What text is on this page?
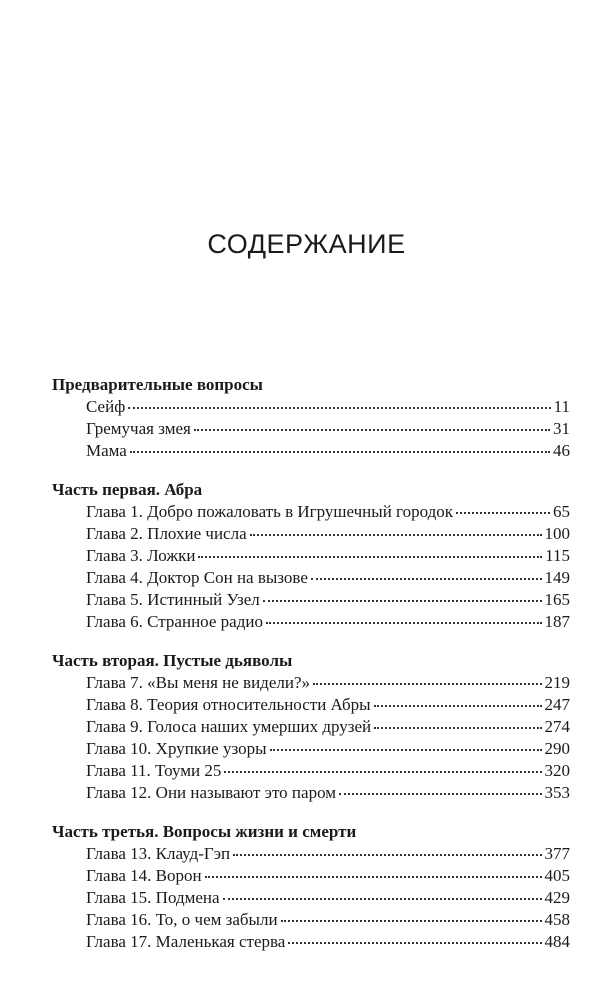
СОДЕРЖАНИЕ
Предварительные вопросы
Сейф	11
Гремучая змея	31
Мама	46
Часть первая. Абра
Глава 1. Добро пожаловать в Игрушечный городок	65
Глава 2. Плохие числа	100
Глава 3. Ложки	115
Глава 4. Доктор Сон на вызове	149
Глава 5. Истинный Узел	165
Глава 6. Странное радио	187
Часть вторая. Пустые дьяволы
Глава 7. «Вы меня не видели?»	219
Глава 8. Теория относительности Абры	247
Глава 9. Голоса наших умерших друзей	274
Глава 10. Хрупкие узоры	290
Глава 11. Тоуми 25	320
Глава 12. Они называют это паром	353
Часть третья. Вопросы жизни и смерти
Глава 13. Клауд-Гэп	377
Глава 14. Ворон	405
Глава 15. Подмена	429
Глава 16. То, о чем забыли	458
Глава 17. Маленькая стерва	484
